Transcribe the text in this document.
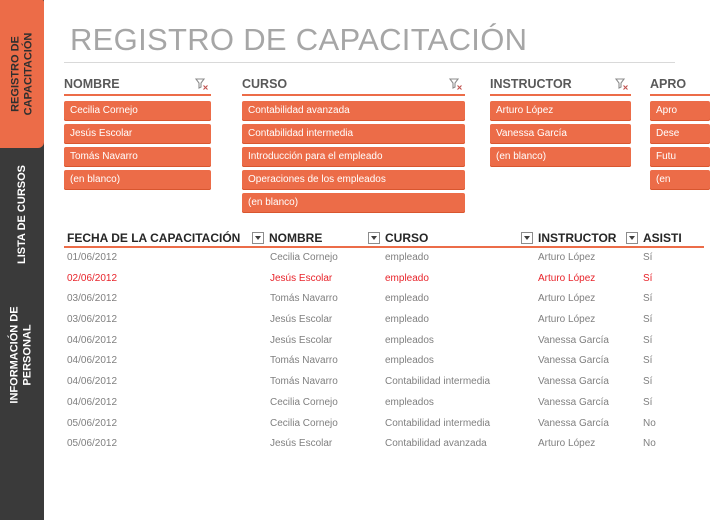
REGISTRO DE CAPACITACIÓN
LISTA DE CURSOS
INFORMACIÓN DE PERSONAL
REGISTRO DE CAPACITACIÓN
NOMBRE
Cecilia Cornejo
Jesús Escolar
Tomás Navarro
(en blanco)
CURSO
Contabilidad avanzada
Contabilidad intermedia
Introducción para el empleado
Operaciones de los empleados
(en blanco)
INSTRUCTOR
Arturo López
Vanessa García
(en blanco)
APRO
Apro
Dese
Futu
(en
FECHA DE LA CAPACITACIÓN	NOMBRE	CURSO	INSTRUCTOR	ASISTI
01/06/2012	Cecilia Cornejo	empleado	Arturo López	Sí
02/06/2012	Jesús Escolar	empleado	Arturo López	Sí
03/06/2012	Tomás Navarro	empleado	Arturo López	Sí
03/06/2012	Jesús Escolar	empleado	Arturo López	Sí
04/06/2012	Jesús Escolar	empleados	Vanessa García	Sí
04/06/2012	Tomás Navarro	empleados	Vanessa García	Sí
04/06/2012	Tomás Navarro	Contabilidad intermedia	Vanessa García	Sí
04/06/2012	Cecilia Cornejo	empleados	Vanessa García	Sí
05/06/2012	Cecilia Cornejo	Contabilidad intermedia	Vanessa García	No
05/06/2012	Jesús Escolar	Contabilidad avanzada	Arturo López	No
